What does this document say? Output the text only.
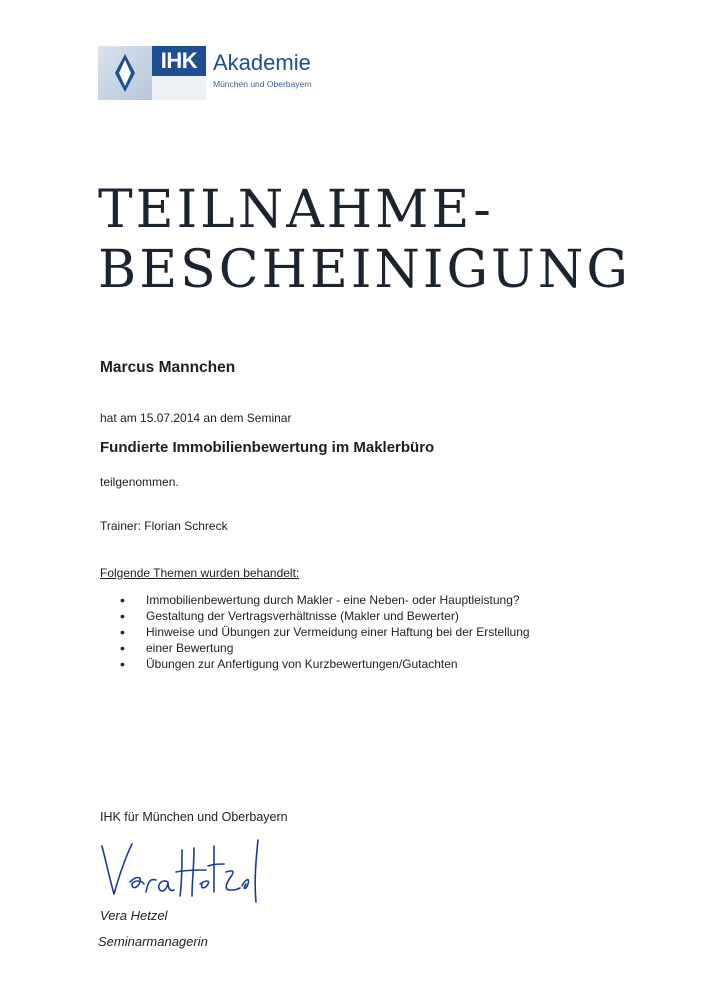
IHK Akademie
München und Oberbayern
TEILNAHME-
BESCHEINIGUNG

Marcus Mannchen

hat am 15.07.2014 an dem Seminar

Fundierte Immobilienbewertung im Maklerbüro

teilgenommen.

Trainer: Florian Schreck

Folgende Themen wurden behandelt:

• Immobilienbewertung durch Makler - eine Neben- oder Hauptleistung?
• Gestaltung der Vertragsverhältnisse (Makler und Bewerter)
• Hinweise und Übungen zur Vermeidung einer Haftung bei der Erstellung
• einer Bewertung
• Übungen zur Anfertigung von Kurzbewertungen/Gutachten

IHK für München und Oberbayern

Vera Hetzel

Seminarmanagerin
